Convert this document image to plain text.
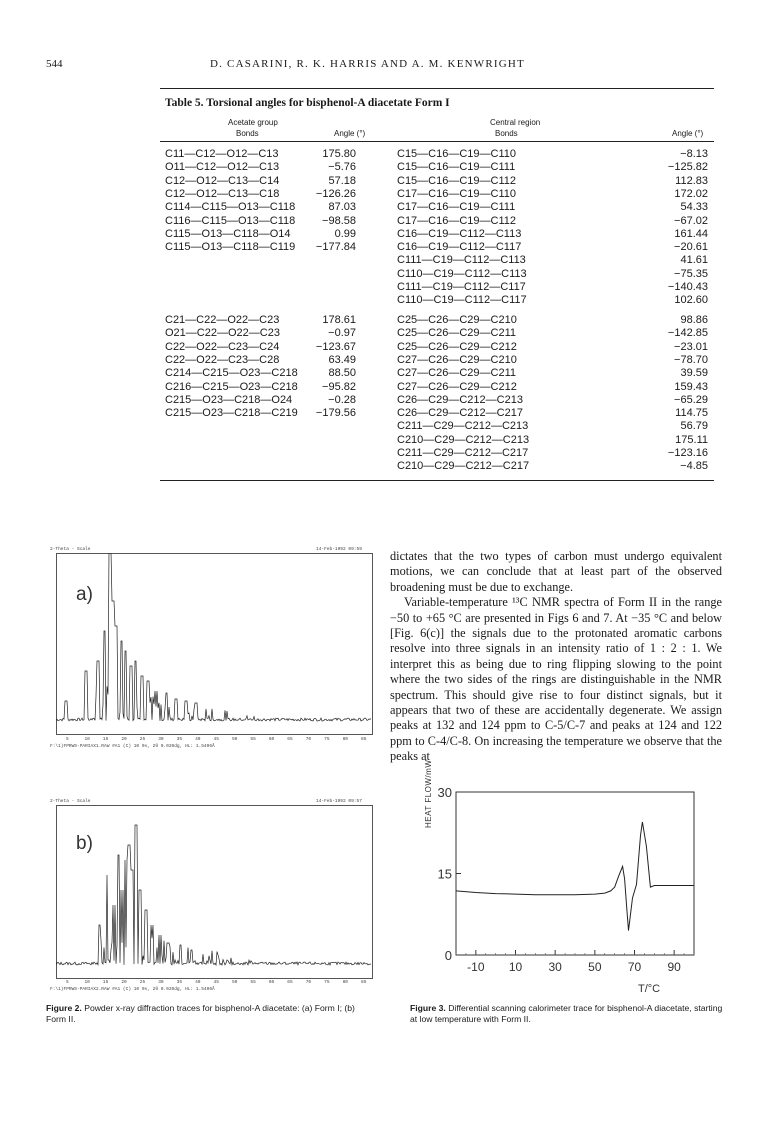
544	D. CASARINI, R. K. HARRIS AND A. M. KENWRIGHT
Table 5. Torsional angles for bisphenol-A diacetate Form I
Acetate group	Central region
Bonds	Angle (°)	Bonds	Angle (°)
C11—C12—O12—C13	175.80
O11—C12—O12—C13	−5.76
C12—O12—C13—C14	57.18
C12—O12—C13—C18	−126.26
C114—C115—O13—C118	87.03
C116—C115—O13—C118	−98.58
C115—O13—C118—O14	0.99
C115—O13—C118—C119	−177.84
C15—C16—C19—C110	−8.13
C15—C16—C19—C111	−125.82
C15—C16—C19—C112	112.83
C17—C16—C19—C110	172.02
C17—C16—C19—C111	54.33
C17—C16—C19—C112	−67.02
C16—C19—C112—C113	161.44
C16—C19—C112—C117	−20.61
C111—C19—C112—C113	41.61
C110—C19—C112—C113	−75.35
C111—C19—C112—C117	−140.43
C110—C19—C112—C117	102.60
C21—C22—O22—C23	178.61
O21—C22—O22—C23	−0.97
C22—O22—C23—C24	−123.67
C22—O22—C23—C28	63.49
C214—C215—O23—C218	88.50
C216—C215—O23—C218	−95.82
C215—O23—C218—O24	−0.28
C215—O23—C218—C219	−179.56
C25—C26—C29—C210	98.86
C25—C26—C29—C211	−142.85
C25—C26—C29—C212	−23.01
C27—C26—C29—C210	−78.70
C27—C26—C29—C211	39.59
C27—C26—C29—C212	159.43
C26—C29—C212—C213	−65.29
C26—C29—C212—C217	114.75
C211—C29—C212—C213	56.79
C210—C29—C212—C213	175.11
C211—C29—C212—C217	−123.16
C210—C29—C212—C217	−4.85
2-Theta - Scale	14-Feb-1992 09:59
a)
5	10	15	20	25	30	35	40	45	50	55	60	65	70	75	80	85
F:\1)FPRWS-PARIAX1.RAW #A1 (C) 10 0s, 2θ 0.020dg, HL: 1.5406Å
2-Theta - Scale	14-Feb-1992 09:57
b)
5	10	15	20	25	30	35	40	45	50	55	60	65	70	75	80	85
F:\1)FPRWS-PARIAX2.RAW #A1 (C) 10 0s, 2θ 0.020dg, HL: 1.5406Å
Figure 2. Powder x-ray diffraction traces for bisphenol-A diacetate: (a) Form I; (b) Form II.

dictates that the two types of carbon must undergo equivalent motions, we can conclude that at least part of the observed broadening must be due to exchange.

Variable-temperature ¹³C NMR spectra of Form II in the range −50 to +65 °C are presented in Figs 6 and 7. At −35 °C and below [Fig. 6(c)] the signals due to the protonated aromatic carbons resolve into three signals in an intensity ratio of 1 : 2 : 1. We interpret this as being due to ring flipping slowing to the point where the two sides of the rings are distinguishable in the NMR spectrum. This should give rise to four distinct signals, but it appears that two of these are accidentally degenerate. We assign peaks at 132 and 124 ppm to C-5/C-7 and peaks at 124 and 122 ppm to C-4/C-8. On increasing the temperature we observe that the peaks at

0
15
30
-10 10 30 50 70 90
HEAT FLOW/mW
T/°C
Figure 3. Differential scanning calorimeter trace for bisphenol-A diacetate, starting at low temperature with Form II.
